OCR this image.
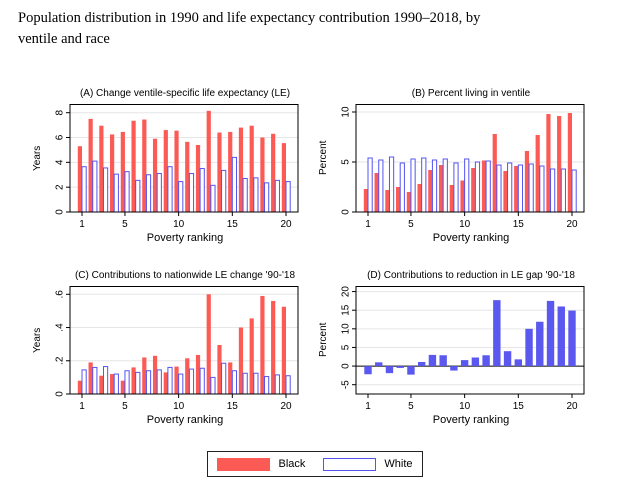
Population distribution in 1990 and life expectancy contribution 1990–2018, by
ventile and race
(A) Change ventile-specific life expectancy (LE)
0
2
4
6
8
1	5	10	15	20
Years
Poverty ranking
(B) Percent living in ventile
0
5
10
1	5	10	15	20
Percent
Poverty ranking
(C) Contributions to nationwide LE change '90-'18
0
.2
.4
.6
1	5	10	15	20
Years
Poverty ranking
(D) Contributions to reduction in LE gap '90-'18
-5
0
5
10
15
20
1	5	10	15	20
Percent
Poverty ranking
Black	White
